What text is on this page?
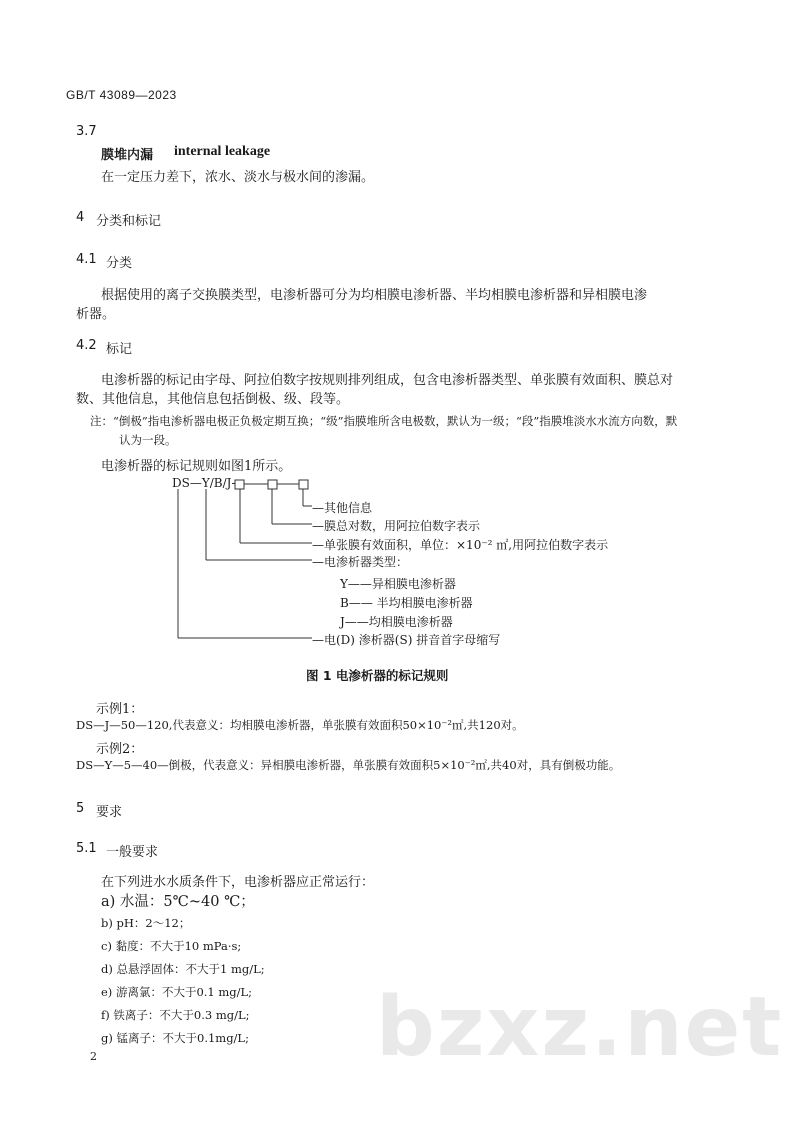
GB/T 43089—2023
3.7
膜堆内漏 internal leakage
在一定压力差下，浓水、淡水与极水间的渗漏。
4 分类和标记
4.1 分类
根据使用的离子交换膜类型，电渗析器可分为均相膜电渗析器、半均相膜电渗析器和异相膜电渗
析器。
4.2 标记
电渗析器的标记由字母、阿拉伯数字按规则排列组成，包含电渗析器类型、单张膜有效面积、膜总对
数、其他信息，其他信息包括倒极、级、段等。
注：“倒极”指电渗析器电极正负极定期互换；“级”指膜堆所含电极数，默认为一级；“段”指膜堆淡水水流方向数，默
认为一段。
电渗析器的标记规则如图1所示。
DS—Y/B/J-
—其他信息
—膜总对数，用阿拉伯数字表示
—单张膜有效面积，单位：×10⁻² ㎡,用阿拉伯数字表示
—电渗析器类型：
Y——异相膜电渗析器
B—— 半均相膜电渗析器
J——均相膜电渗析器
—电(D) 渗析器(S) 拼音首字母缩写
图 1 电渗析器的标记规则
示例1：
DS—J—50—120,代表意义：均相膜电渗析器，单张膜有效面积50×10⁻²㎡,共120对。
示例2：
DS—Y—5—40—倒极，代表意义：异相膜电渗析器，单张膜有效面积5×10⁻²㎡,共40对，具有倒极功能。
5 要求
5.1 一般要求
在下列进水水质条件下，电渗析器应正常运行：
a) 水温：5℃~40 ℃；
b) pH：2～12；
c) 黏度：不大于10 mPa·s;
d) 总悬浮固体：不大于1 mg/L;
e) 游离氯：不大于0.1 mg/L;
f) 铁离子：不大于0.3 mg/L;
g) 锰离子：不大于0.1mg/L; bzxz.net
2
